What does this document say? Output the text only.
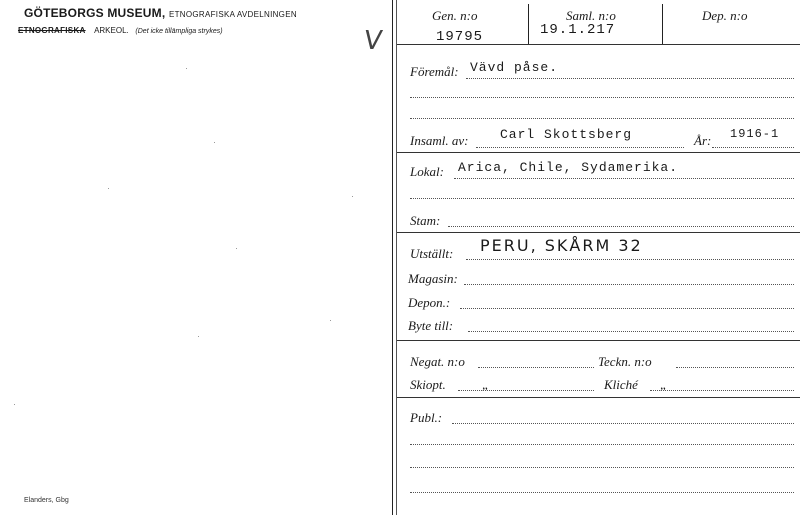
GÖTEBORGS MUSEUM, ETNOGRAFISKA AVDELNINGEN
ETNOGRAFISKA ARKEOL. (Det icke tillämpliga strykes)
Elanders, Gbg
V
Gen. n:o
19795
Saml. n:o
19.1.217
Dep. n:o
Föremål: Vävd påse.
Insaml. av: Carl Skottsberg	År: 1916-1
Lokal: Arica, Chile, Sydamerika.
Stam:
Utställt: PERU, SKÅRM 32
Magasin:
Depon.:
Byte till:
Negat. n:o	Teckn. n:o
Skiopt.	„	Kliché „
Publ.:
